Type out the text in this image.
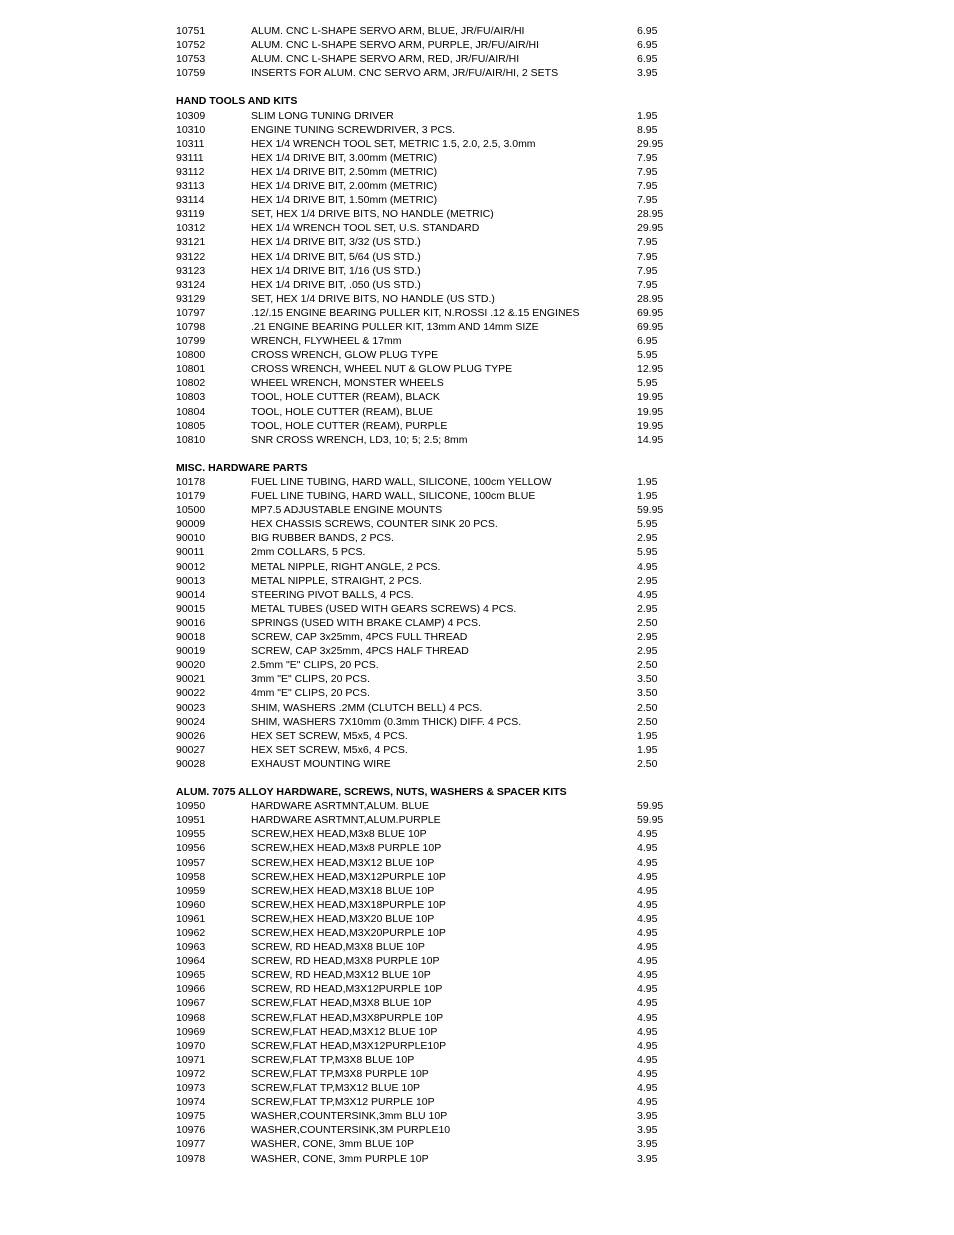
10751	ALUM. CNC L-SHAPE SERVO ARM, BLUE, JR/FU/AIR/HI	6.95
10752	ALUM. CNC L-SHAPE SERVO ARM, PURPLE, JR/FU/AIR/HI	6.95
10753	ALUM. CNC L-SHAPE SERVO ARM, RED, JR/FU/AIR/HI	6.95
10759	INSERTS FOR ALUM. CNC SERVO ARM, JR/FU/AIR/HI, 2 SETS	3.95
HAND TOOLS AND KITS
10309	SLIM LONG TUNING DRIVER	1.95
10310	ENGINE TUNING SCREWDRIVER, 3 PCS.	8.95
10311	HEX 1/4 WRENCH TOOL SET, METRIC 1.5, 2.0, 2.5, 3.0mm	29.95
93111	HEX 1/4 DRIVE BIT, 3.00mm (METRIC)	7.95
93112	HEX 1/4 DRIVE BIT, 2.50mm (METRIC)	7.95
93113	HEX 1/4 DRIVE BIT, 2.00mm (METRIC)	7.95
93114	HEX 1/4 DRIVE BIT, 1.50mm (METRIC)	7.95
93119	SET, HEX 1/4 DRIVE BITS, NO HANDLE (METRIC)	28.95
10312	HEX 1/4 WRENCH TOOL SET, U.S. STANDARD	29.95
93121	HEX 1/4 DRIVE BIT, 3/32 (US STD.)	7.95
93122	HEX 1/4 DRIVE BIT, 5/64 (US STD.)	7.95
93123	HEX 1/4 DRIVE BIT, 1/16 (US STD.)	7.95
93124	HEX 1/4 DRIVE BIT, .050 (US STD.)	7.95
93129	SET, HEX 1/4 DRIVE BITS, NO HANDLE (US STD.)	28.95
10797	.12/.15 ENGINE BEARING PULLER KIT, N.ROSSI .12 &.15 ENGINES	69.95
10798	.21 ENGINE BEARING PULLER KIT, 13mm AND 14mm SIZE	69.95
10799	WRENCH, FLYWHEEL & 17mm	6.95
10800	CROSS WRENCH, GLOW PLUG TYPE	5.95
10801	CROSS WRENCH, WHEEL NUT & GLOW PLUG TYPE	12.95
10802	WHEEL WRENCH, MONSTER WHEELS	5.95
10803	TOOL, HOLE CUTTER (REAM), BLACK	19.95
10804	TOOL, HOLE CUTTER (REAM), BLUE	19.95
10805	TOOL, HOLE CUTTER (REAM), PURPLE	19.95
10810	SNR CROSS WRENCH, LD3, 10; 5; 2.5; 8mm	14.95
MISC. HARDWARE PARTS
10178	FUEL LINE TUBING, HARD WALL, SILICONE, 100cm YELLOW	1.95
10179	FUEL LINE TUBING, HARD WALL, SILICONE, 100cm BLUE	1.95
10500	MP7.5 ADJUSTABLE ENGINE MOUNTS	59.95
90009	HEX CHASSIS SCREWS, COUNTER SINK 20 PCS.	5.95
90010	BIG RUBBER BANDS, 2 PCS.	2.95
90011	2mm COLLARS, 5 PCS.	5.95
90012	METAL NIPPLE, RIGHT ANGLE, 2 PCS.	4.95
90013	METAL NIPPLE, STRAIGHT, 2 PCS.	2.95
90014	STEERING PIVOT BALLS, 4 PCS.	4.95
90015	METAL TUBES (USED WITH GEARS SCREWS) 4 PCS.	2.95
90016	SPRINGS (USED WITH BRAKE CLAMP) 4 PCS.	2.50
90018	SCREW, CAP 3x25mm, 4PCS FULL THREAD	2.95
90019	SCREW, CAP 3x25mm, 4PCS HALF THREAD	2.95
90020	2.5mm "E" CLIPS, 20 PCS.	2.50
90021	3mm "E" CLIPS, 20 PCS.	3.50
90022	4mm "E" CLIPS, 20 PCS.	3.50
90023	SHIM, WASHERS .2MM (CLUTCH BELL) 4 PCS.	2.50
90024	SHIM, WASHERS 7X10mm (0.3mm THICK) DIFF. 4 PCS.	2.50
90026	HEX SET SCREW, M5x5, 4 PCS.	1.95
90027	HEX SET SCREW, M5x6, 4 PCS.	1.95
90028	EXHAUST MOUNTING WIRE	2.50
ALUM. 7075 ALLOY HARDWARE, SCREWS, NUTS, WASHERS & SPACER KITS
10950	HARDWARE ASRTMNT,ALUM. BLUE	59.95
10951	HARDWARE ASRTMNT,ALUM.PURPLE	59.95
10955	SCREW,HEX HEAD,M3x8 BLUE 10P	4.95
10956	SCREW,HEX HEAD,M3x8 PURPLE 10P	4.95
10957	SCREW,HEX HEAD,M3X12 BLUE 10P	4.95
10958	SCREW,HEX HEAD,M3X12PURPLE 10P	4.95
10959	SCREW,HEX HEAD,M3X18 BLUE 10P	4.95
10960	SCREW,HEX HEAD,M3X18PURPLE 10P	4.95
10961	SCREW,HEX HEAD,M3X20 BLUE 10P	4.95
10962	SCREW,HEX HEAD,M3X20PURPLE 10P	4.95
10963	SCREW, RD HEAD,M3X8 BLUE 10P	4.95
10964	SCREW, RD HEAD,M3X8 PURPLE 10P	4.95
10965	SCREW, RD HEAD,M3X12 BLUE 10P	4.95
10966	SCREW, RD HEAD,M3X12PURPLE 10P	4.95
10967	SCREW,FLAT HEAD,M3X8 BLUE 10P	4.95
10968	SCREW,FLAT HEAD,M3X8PURPLE 10P	4.95
10969	SCREW,FLAT HEAD,M3X12 BLUE 10P	4.95
10970	SCREW,FLAT HEAD,M3X12PURPLE10P	4.95
10971	SCREW,FLAT TP,M3X8 BLUE 10P	4.95
10972	SCREW,FLAT TP,M3X8 PURPLE 10P	4.95
10973	SCREW,FLAT TP,M3X12 BLUE 10P	4.95
10974	SCREW,FLAT TP,M3X12 PURPLE 10P	4.95
10975	WASHER,COUNTERSINK,3mm BLU 10P	3.95
10976	WASHER,COUNTERSINK,3M PURPLE10	3.95
10977	WASHER, CONE, 3mm BLUE 10P	3.95
10978	WASHER, CONE, 3mm PURPLE 10P	3.95
